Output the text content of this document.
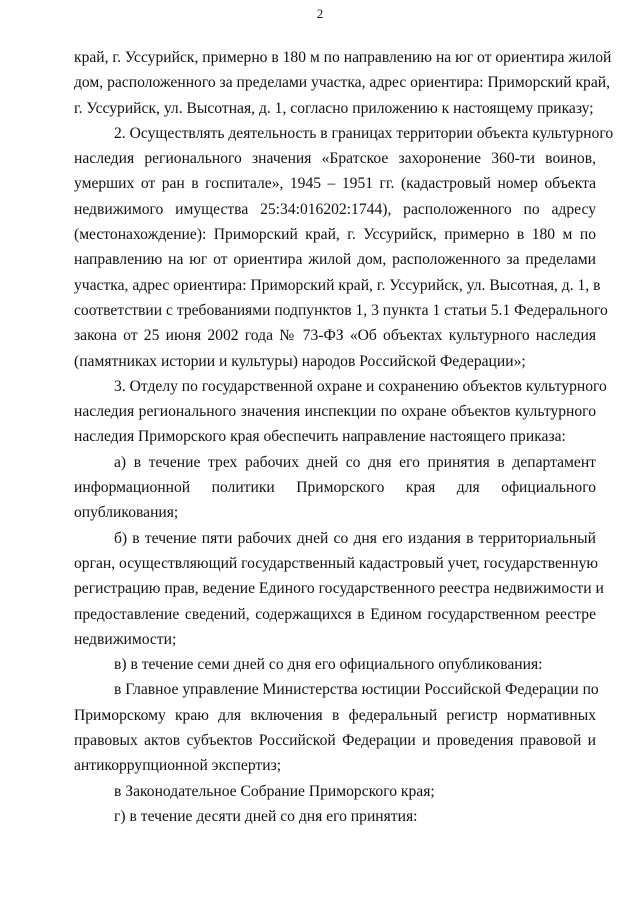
2
край, г. Уссурийск, примерно в 180 м по направлению на юг от ориентира жилой
дом, расположенного за пределами участка, адрес ориентира: Приморский край,
г. Уссурийск, ул. Высотная, д. 1, согласно приложению к настоящему приказу;
2. Осуществлять деятельность в границах территории объекта культурного
наследия регионального значения «Братское захоронение 360-ти воинов,
умерших от ран в госпитале», 1945 – 1951 гг. (кадастровый номер объекта
недвижимого имущества 25:34:016202:1744), расположенного по адресу
(местонахождение): Приморский край, г. Уссурийск, примерно в 180 м по
направлению на юг от ориентира жилой дом, расположенного за пределами
участка, адрес ориентира: Приморский край, г. Уссурийск, ул. Высотная, д. 1, в
соответствии с требованиями подпунктов 1, 3 пункта 1 статьи 5.1 Федерального
закона от 25 июня 2002 года № 73-ФЗ «Об объектах культурного наследия
(памятниках истории и культуры) народов Российской Федерации»;
3. Отделу по государственной охране и сохранению объектов культурного
наследия регионального значения инспекции по охране объектов культурного
наследия Приморского края обеспечить направление настоящего приказа:
а) в течение трех рабочих дней со дня его принятия в департамент
информационной политики Приморского края для официального
опубликования;
б) в течение пяти рабочих дней со дня его издания в территориальный
орган, осуществляющий государственный кадастровый учет, государственную
регистрацию прав, ведение Единого государственного реестра недвижимости и
предоставление сведений, содержащихся в Едином государственном реестре
недвижимости;
в) в течение семи дней со дня его официального опубликования:
в Главное управление Министерства юстиции Российской Федерации по
Приморскому краю для включения в федеральный регистр нормативных
правовых актов субъектов Российской Федерации и проведения правовой и
антикоррупционной экспертиз;
в Законодательное Собрание Приморского края;
г) в течение десяти дней со дня его принятия:
